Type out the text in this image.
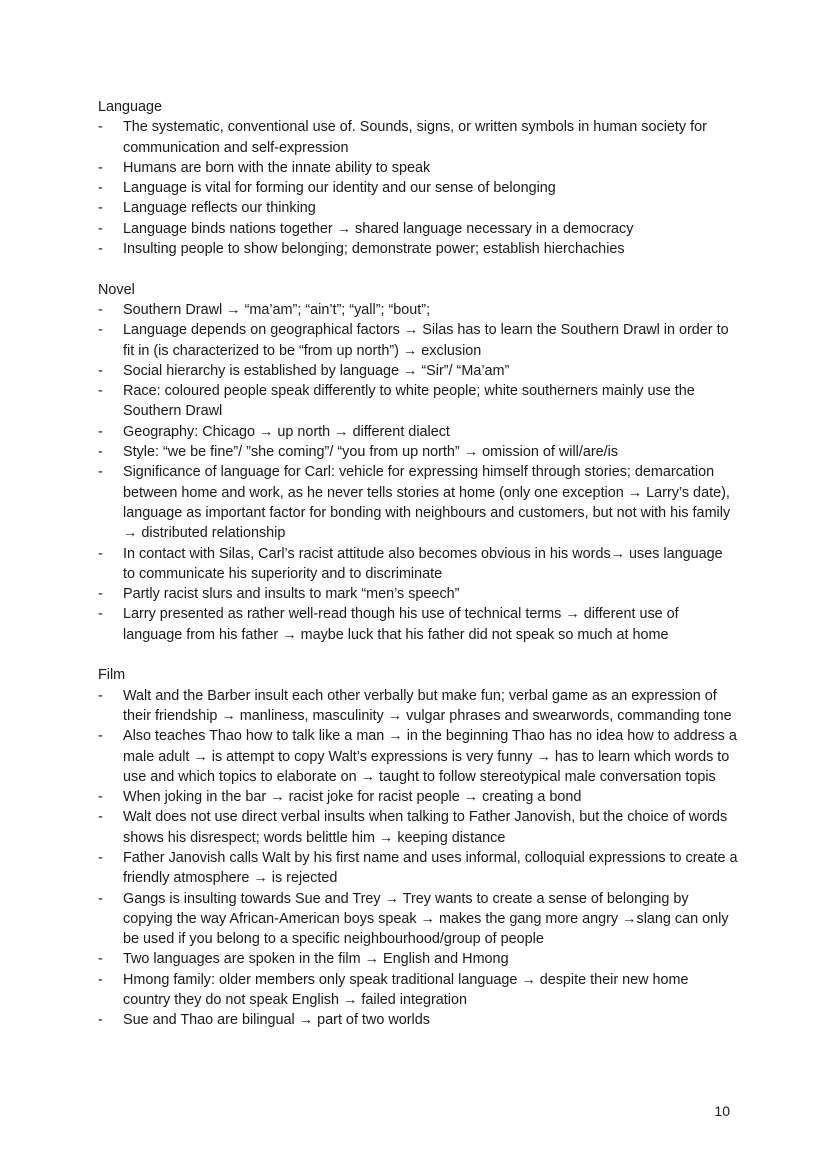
Language

- The systematic, conventional use of. Sounds, signs, or written symbols in human society for communication and self-expression
- Humans are born with the innate ability to speak
- Language is vital for forming our identity and our sense of belonging
- Language reflects our thinking
- Language binds nations together → shared language necessary in a democracy
- Insulting people to show belonging; demonstrate power; establish hierchachies

Novel

- Southern Drawl → “ma’am”; “ain’t”; “yall”; “bout”;
- Language depends on geographical factors → Silas has to learn the Southern Drawl in order to fit in (is characterized to be “from up north”) → exclusion
- Social hierarchy is established by language → “Sir”/ “Ma’am”
- Race: coloured people speak differently to white people; white southerners mainly use the Southern Drawl
- Geography: Chicago → up north → different dialect
- Style: “we be fine”/ ”she coming”/ “you from up north” → omission of will/are/is
- Significance of language for Carl: vehicle for expressing himself through stories; demarcation between home and work, as he never tells stories at home (only one exception → Larry’s date), language as important factor for bonding with neighbours and customers, but not with his family → distributed relationship
- In contact with Silas, Carl’s racist attitude also becomes obvious in his words→ uses language to communicate his superiority and to discriminate
- Partly racist slurs and insults to mark “men’s speech”
- Larry presented as rather well-read though his use of technical terms → different use of language from his father → maybe luck that his father did not speak so much at home

Film

- Walt and the Barber insult each other verbally but make fun; verbal game as an expression of their friendship → manliness, masculinity → vulgar phrases and swearwords, commanding tone
- Also teaches Thao how to talk like a man → in the beginning Thao has no idea how to address a male adult → is attempt to copy Walt’s expressions is very funny → has to learn which words to use and which topics to elaborate on → taught to follow stereotypical male conversation topis
- When joking in the bar → racist joke for racist people → creating a bond
- Walt does not use direct verbal insults when talking to Father Janovish, but the choice of words shows his disrespect; words belittle him → keeping distance
- Father Janovish calls Walt by his first name and uses informal, colloquial expressions to create a friendly atmosphere → is rejected
- Gangs is insulting towards Sue and Trey → Trey wants to create a sense of belonging by copying the way African-American boys speak → makes the gang more angry →slang can only be used if you belong to a specific neighbourhood/group of people
- Two languages are spoken in the film → English and Hmong
- Hmong family: older members only speak traditional language → despite their new home country they do not speak English → failed integration
- Sue and Thao are bilingual → part of two worlds
10
